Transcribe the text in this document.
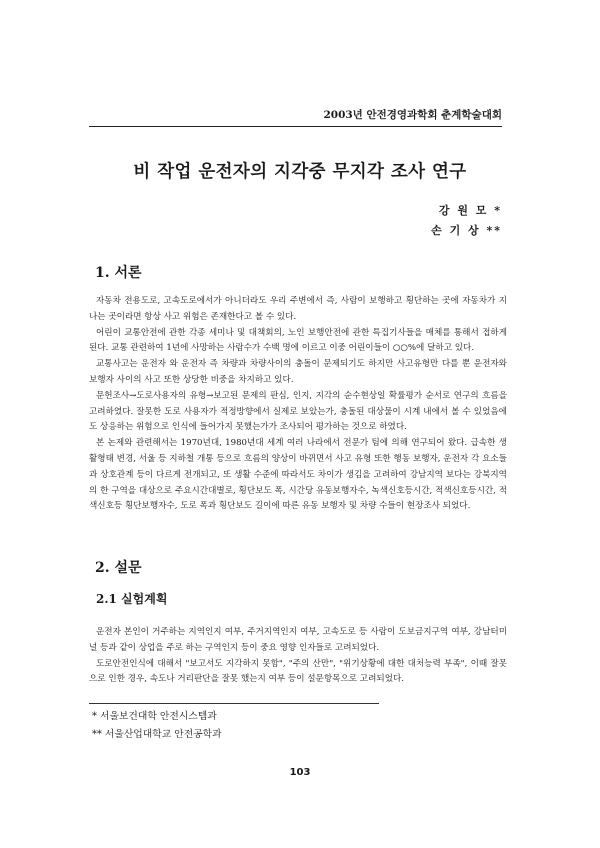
2003년 안전경영과학회 춘계학술대회
비 작업 운전자의 지각중 무지각 조사 연구
강 원 모 *
손 기 상 **
1. 서론

자동차 전용도로, 고속도로에서가 아니더라도 우리 주변에서 즉, 사람이 보행하고 횡단하는 곳에 자동차가 지나는 곳이라면 항상 사고 위험은 존재한다고 볼 수 있다.

어린이 교통안전에 관한 각종 세미나 및 대책회의, 노인 보행안전에 관한 특집기사들을 매체를 통해서 접하게 된다. 교통 관련하여 1년에 사망하는 사람수가 수백 명에 이르고 이중 어린이들이 ○○%에 달하고 있다.

교통사고는 운전자 와 운전자 즉 차량과 차량사이의 충돌이 문제되기도 하지만 사고유형만 다를 뿐 운전자와 보행자 사이의 사고 또한 상당한 비중을 차지하고 있다.

문헌조사→도로사용자의 유형→보고된 문제의 판심, 인지, 지각의 순수현상일 확률평가 순서로 연구의 흐름을 고려하였다. 잘못한 도로 사용자가 적정방향에서 실제로 보았는가, 충돌된 대상물이 시계 내에서 볼 수 있었음에도 상응하는 위험으로 인식에 들어가지 못했는가가 조사되어 평가하는 것으로 하였다.

본 논제와 관련해서는 1970년대, 1980년대 세계 여러 나라에서 전문가 팀에 의해 연구되어 왔다. 급속한 생활형태 변경, 서울 등 지하철 개통 등으로 흐름의 양상이 바뀌면서 사고 유형 또한 행동 보행자, 운전자 각 요소들과 상호관계 등이 다르게 전개되고, 또 생활 수준에 따라서도 차이가 생김을 고려하여 강남지역 보다는 강북지역의 한 구역을 대상으로 주요시간대별로, 횡단보도 폭, 시간당 유동보행자수, 녹색신호등시간, 적색신호등시간, 적색신호등 횡단보행자수, 도로 폭과 횡단보도 길이에 따른 유동 보행자 및 차량 수들이 현장조사 되었다.

2. 설문
2.1 실험계획

운전자 본인이 거주하는 지역인지 여부, 주거지역인지 여부, 고속도로 등 사람이 도보금지구역 여부, 강남터미널 등과 같이 상업을 주로 하는 구역인지 등이 중요 영향 인자들로 고려되었다.

도로안전인식에 대해서 "보고서도 지각하지 못함", "주의 산만", "위기상황에 대한 대처능력 부족", 이때 잘못으로 인한 경우, 속도나 거리판단을 잘못 했는지 여부 등이 설문항목으로 고려되었다.

* 서울보건대학 안전시스템과
** 서울산업대학교 안전공학과
103
